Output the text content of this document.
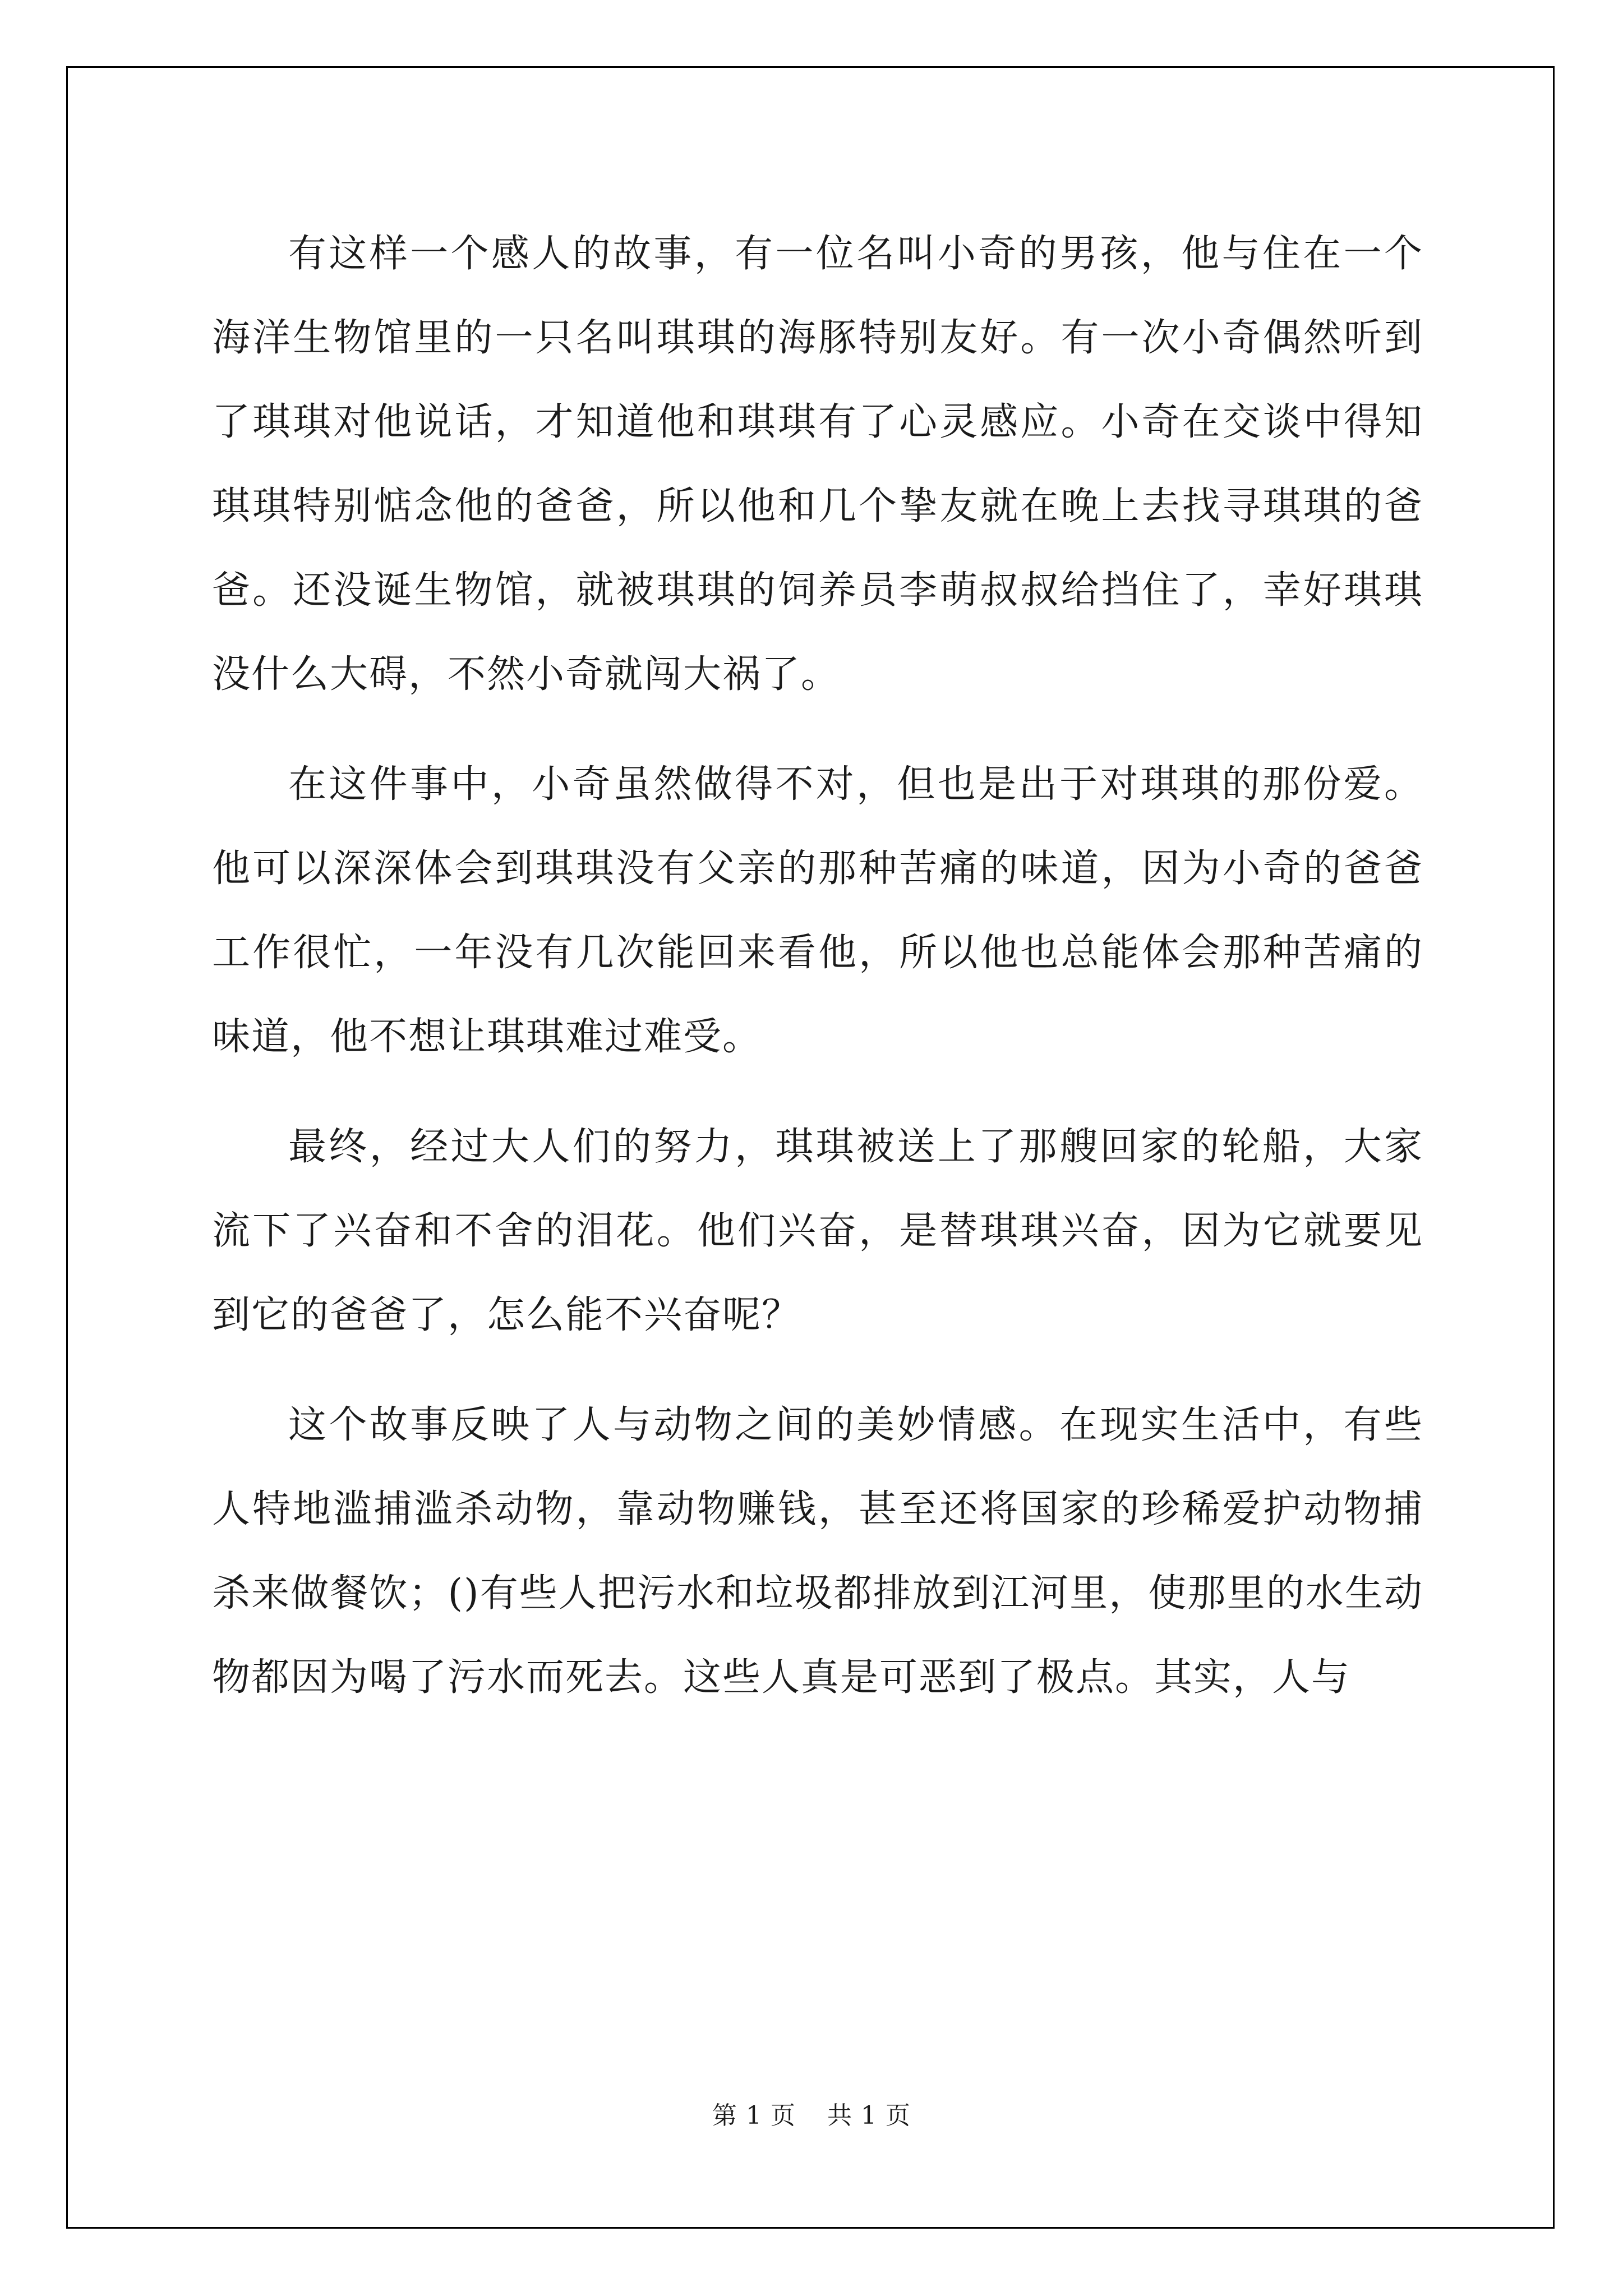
有这样一个感人的故事，有一位名叫小奇的男孩，他与住在一个海洋生物馆里的一只名叫琪琪的海豚特别友好。有一次小奇偶然听到了琪琪对他说话，才知道他和琪琪有了心灵感应。小奇在交谈中得知琪琪特别惦念他的爸爸，所以他和几个挚友就在晚上去找寻琪琪的爸爸。还没诞生物馆，就被琪琪的饲养员李萌叔叔给挡住了，幸好琪琪没什么大碍，不然小奇就闯大祸了。

在这件事中，小奇虽然做得不对，但也是出于对琪琪的那份爱。他可以深深体会到琪琪没有父亲的那种苦痛的味道，因为小奇的爸爸工作很忙，一年没有几次能回来看他，所以他也总能体会那种苦痛的味道，他不想让琪琪难过难受。

最终，经过大人们的努力，琪琪被送上了那艘回家的轮船，大家流下了兴奋和不舍的泪花。他们兴奋，是替琪琪兴奋，因为它就要见到它的爸爸了，怎么能不兴奋呢？

这个故事反映了人与动物之间的美妙情感。在现实生活中，有些人特地滥捕滥杀动物，靠动物赚钱，甚至还将国家的珍稀爱护动物捕杀来做餐饮；()有些人把污水和垃圾都排放到江河里，使那里的水生动物都因为喝了污水而死去。这些人真是可恶到了极点。其实，人与

第 1 页 共 1 页
